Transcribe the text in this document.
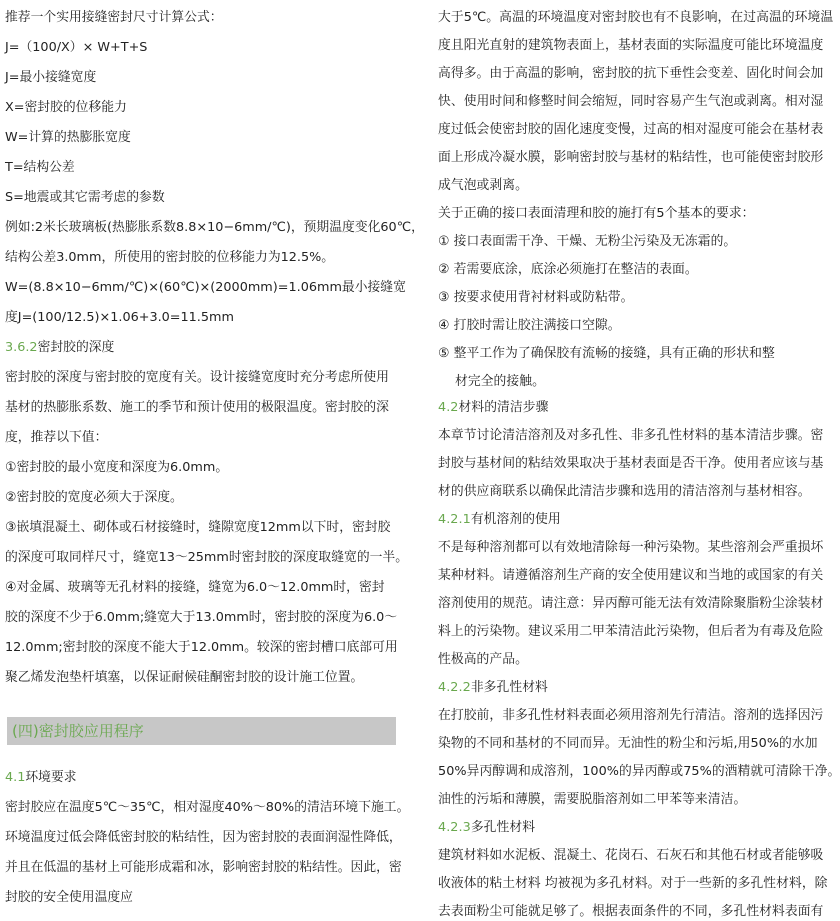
推荐一个实用接缝密封尺寸计算公式：
J=（100/X）× W+T+S
J=最小接缝宽度
X=密封胶的位移能力
W=计算的热膨胀宽度
T=结构公差
S=地震或其它需考虑的参数
例如:2米长玻璃板(热膨胀系数8.8×10−6mm/℃)，预期温度变化60℃，
结构公差3.0mm，所使用的密封胶的位移能力为12.5%。
W=(8.8×10−6mm/℃)×(60℃)×(2000mm)=1.06mm最小接缝宽
度J=(100/12.5)×1.06+3.0=11.5mm
3.6.2密封胶的深度
密封胶的深度与密封胶的宽度有关。设计接缝宽度时充分考虑所使用
基材的热膨胀系数、施工的季节和预计使用的极限温度。密封胶的深
度，推荐以下值：
①密封胶的最小宽度和深度为6.0mm。
②密封胶的宽度必须大于深度。
③嵌填混凝土、砌体或石材接缝时，缝隙宽度12mm以下时，密封胶
的深度可取同样尺寸，缝宽13～25mm时密封胶的深度取缝宽的一半。
④对金属、玻璃等无孔材料的接缝，缝宽为6.0～12.0mm时，密封
胶的深度不少于6.0mm;缝宽大于13.0mm时，密封胶的深度为6.0～
12.0mm;密封胶的深度不能大于12.0mm。较深的密封槽口底部可用
聚乙烯发泡垫杆填塞，以保证耐候硅酮密封胶的设计施工位置。
4.1环境要求
密封胶应在温度5℃～35℃，相对湿度40%～80%的清洁环境下施工。
环境温度过低会降低密封胶的粘结性，因为密封胶的表面润湿性降低，
并且在低温的基材上可能形成霜和冰，影响密封胶的粘结性。因此，密
封胶的安全使用温度应
(四)密封胶应用程序
大于5℃。高温的环境温度对密封胶也有不良影响，在过高温的环境温
度且阳光直射的建筑物表面上，基材表面的实际温度可能比环境温度
高得多。由于高温的影响，密封胶的抗下垂性会变差、固化时间会加
快、使用时间和修整时间会缩短，同时容易产生气泡或剥离。相对湿
度过低会使密封胶的固化速度变慢，过高的相对湿度可能会在基材表
面上形成冷凝水膜，影响密封胶与基材的粘结性，也可能使密封胶形
成气泡或剥离。
关于正确的接口表面清理和胶的施打有5个基本的要求：
① 接口表面需干净、干燥、无粉尘污染及无冻霜的。
② 若需要底涂，底涂必须施打在整洁的表面。
③ 按要求使用背衬材料或防粘带。
④ 打胶时需让胶注满接口空隙。
⑤ 整平工作为了确保胶有流畅的接缝，具有正确的形状和整
材完全的接触。
4.2材料的清洁步骤
本章节讨论清洁溶剂及对多孔性、非多孔性材料的基本清洁步骤。密
封胶与基材间的粘结效果取决于基材表面是否干净。使用者应该与基
材的供应商联系以确保此清洁步骤和选用的清洁溶剂与基材相容。
4.2.1有机溶剂的使用
不是每种溶剂都可以有效地清除每一种污染物。某些溶剂会严重损坏
某种材料。请遵循溶剂生产商的安全使用建议和当地的或国家的有关
溶剂使用的规范。请注意：异丙醇可能无法有效清除聚脂粉尘涂装材
料上的污染物。建议采用二甲苯清洁此污染物，但后者为有毒及危险
性极高的产品。
4.2.2非多孔性材料
在打胶前，非多孔性材料表面必须用溶剂先行清洁。溶剂的选择因污
染物的不同和基材的不同而异。无油性的粉尘和污垢,用50%的水加
50%异丙醇调和成溶剂，100%的异丙醇或75%的酒精就可清除干净。
油性的污垢和薄膜，需要脱脂溶剂如二甲苯等来清洁。
4.2.3多孔性材料
建筑材料如水泥板、混凝土、花岗石、石灰石和其他石材或者能够吸
收液体的粘土材料 均被视为多孔材料。对于一些新的多孔性材料，除
去表面粉尘可能就足够了。根据表面条件的不同，多孔性材料表面有
